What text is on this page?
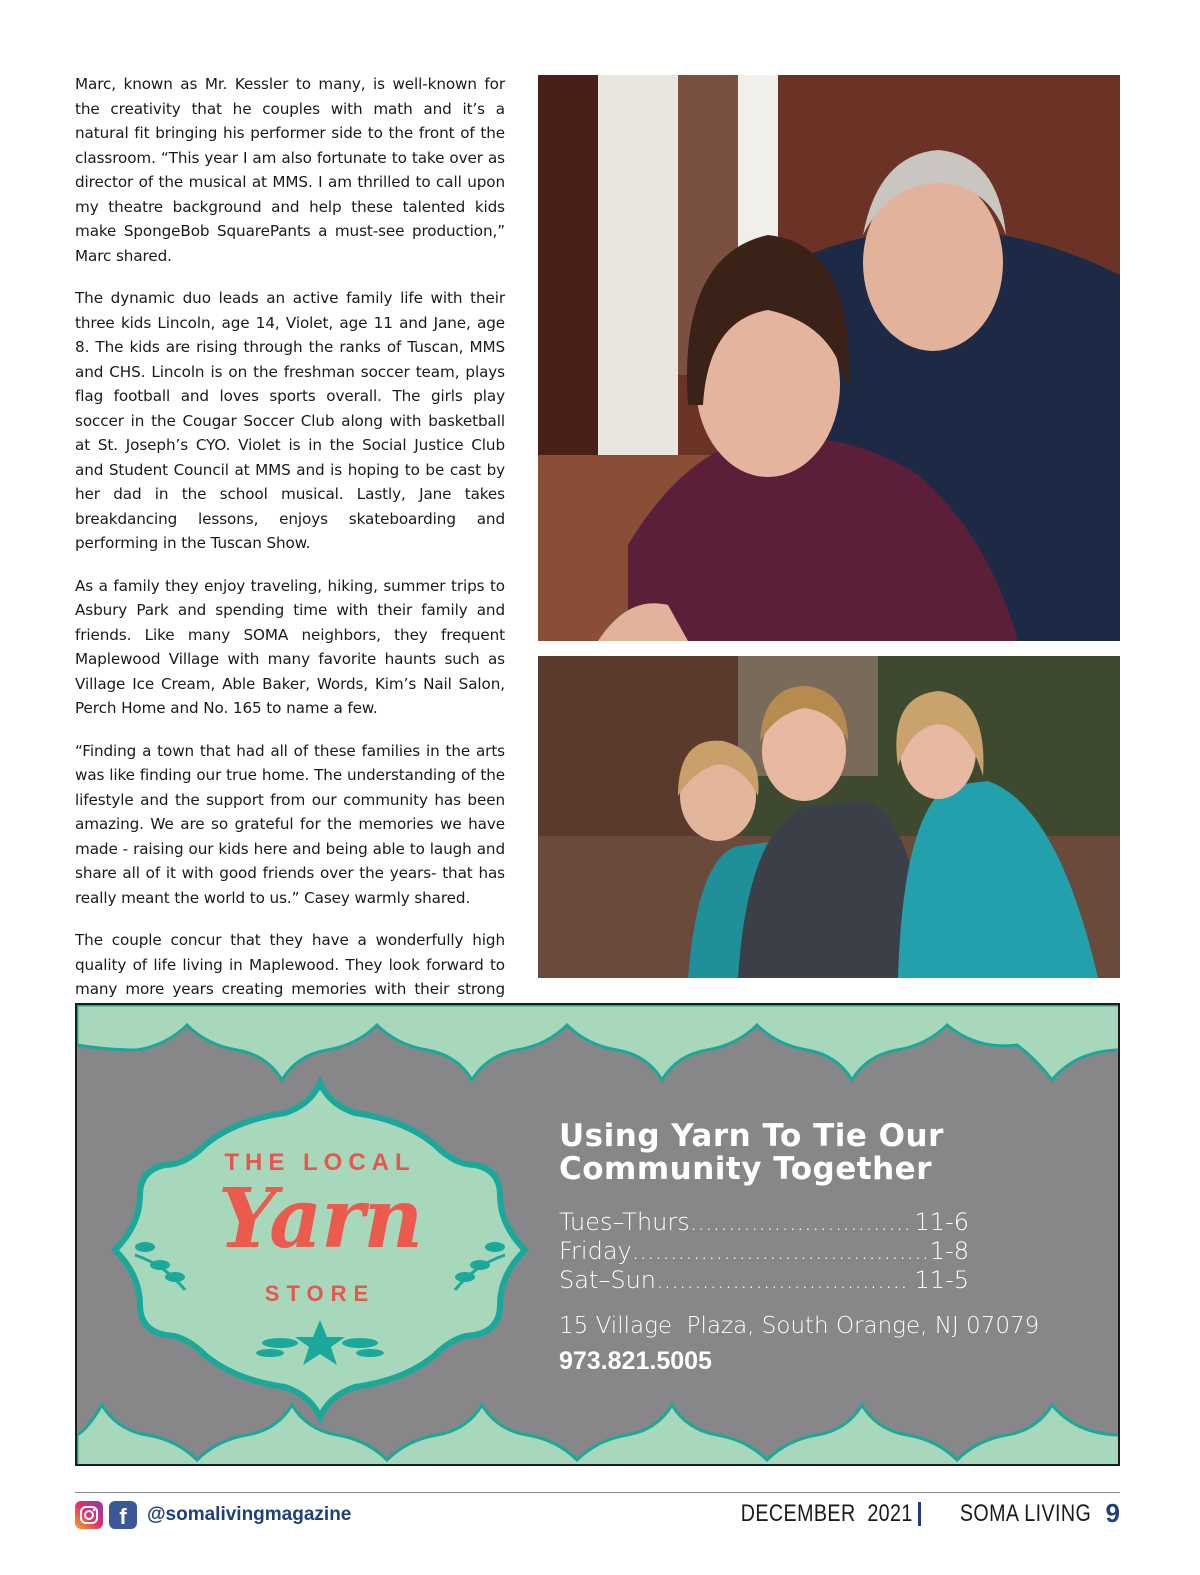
Marc, known as Mr. Kessler to many, is well-known for the creativity that he couples with math and it’s a natural fit bringing his performer side to the front of the classroom. “This year I am also fortunate to take over as director of the musical at MMS. I am thrilled to call upon my theatre background and help these talented kids make SpongeBob SquarePants a must-see production,” Marc shared.

The dynamic duo leads an active family life with their three kids Lincoln, age 14, Violet, age 11 and Jane, age 8. The kids are rising through the ranks of Tuscan, MMS and CHS. Lincoln is on the freshman soccer team, plays flag football and loves sports overall. The girls play soccer in the Cougar Soccer Club along with basketball at St. Joseph’s CYO. Violet is in the Social Justice Club and Student Council at MMS and is hoping to be cast by her dad in the school musical. Lastly, Jane takes breakdancing lessons, enjoys skateboarding and performing in the Tuscan Show.

As a family they enjoy traveling, hiking, summer trips to Asbury Park and spending time with their family and friends. Like many SOMA neighbors, they frequent Maplewood Village with many favorite haunts such as Village Ice Cream, Able Baker, Words, Kim’s Nail Salon, Perch Home and No. 165 to name a few.

“Finding a town that had all of these families in the arts was like finding our true home. The understanding of the lifestyle and the support from our community has been amazing. We are so grateful for the memories we have made - raising our kids here and being able to laugh and share all of it with good friends over the years- that has really meant the world to us.” Casey warmly shared.

The couple concur that they have a wonderfully high quality of life living in Maplewood. They look forward to many more years creating memories with their strong

THE LOCAL
Yarn
STORE
Using Yarn To Tie Our
Community Together
Tues–Thurs .....	11-6
Friday .....	1-8
Sat–Sun .....	11-5
15 Village  Plaza, South Orange, NJ 07079
973.821.5005
f	@somalivingmagazine	DECEMBER  2021 SOMA LIVING 9
